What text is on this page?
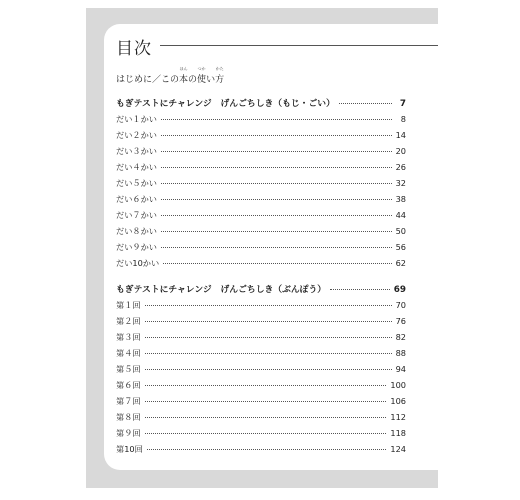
目次
はじめに／この
ほん
本の
つか
使い
かた
方
もぎテストにチャレンジ　げんごちしき（もじ・ごい）	7
だい１かい	8
だい２かい	14
だい３かい	20
だい４かい	26
だい５かい	32
だい６かい	38
だい７かい	44
だい８かい	50
だい９かい	56
だい10かい	62
もぎテストにチャレンジ　げんごちしき（ぶんぽう）	69
第１回	70
第２回	76
第３回	82
第４回	88
第５回	94
第６回	100
第７回	106
第８回	112
第９回	118
第10回	124
